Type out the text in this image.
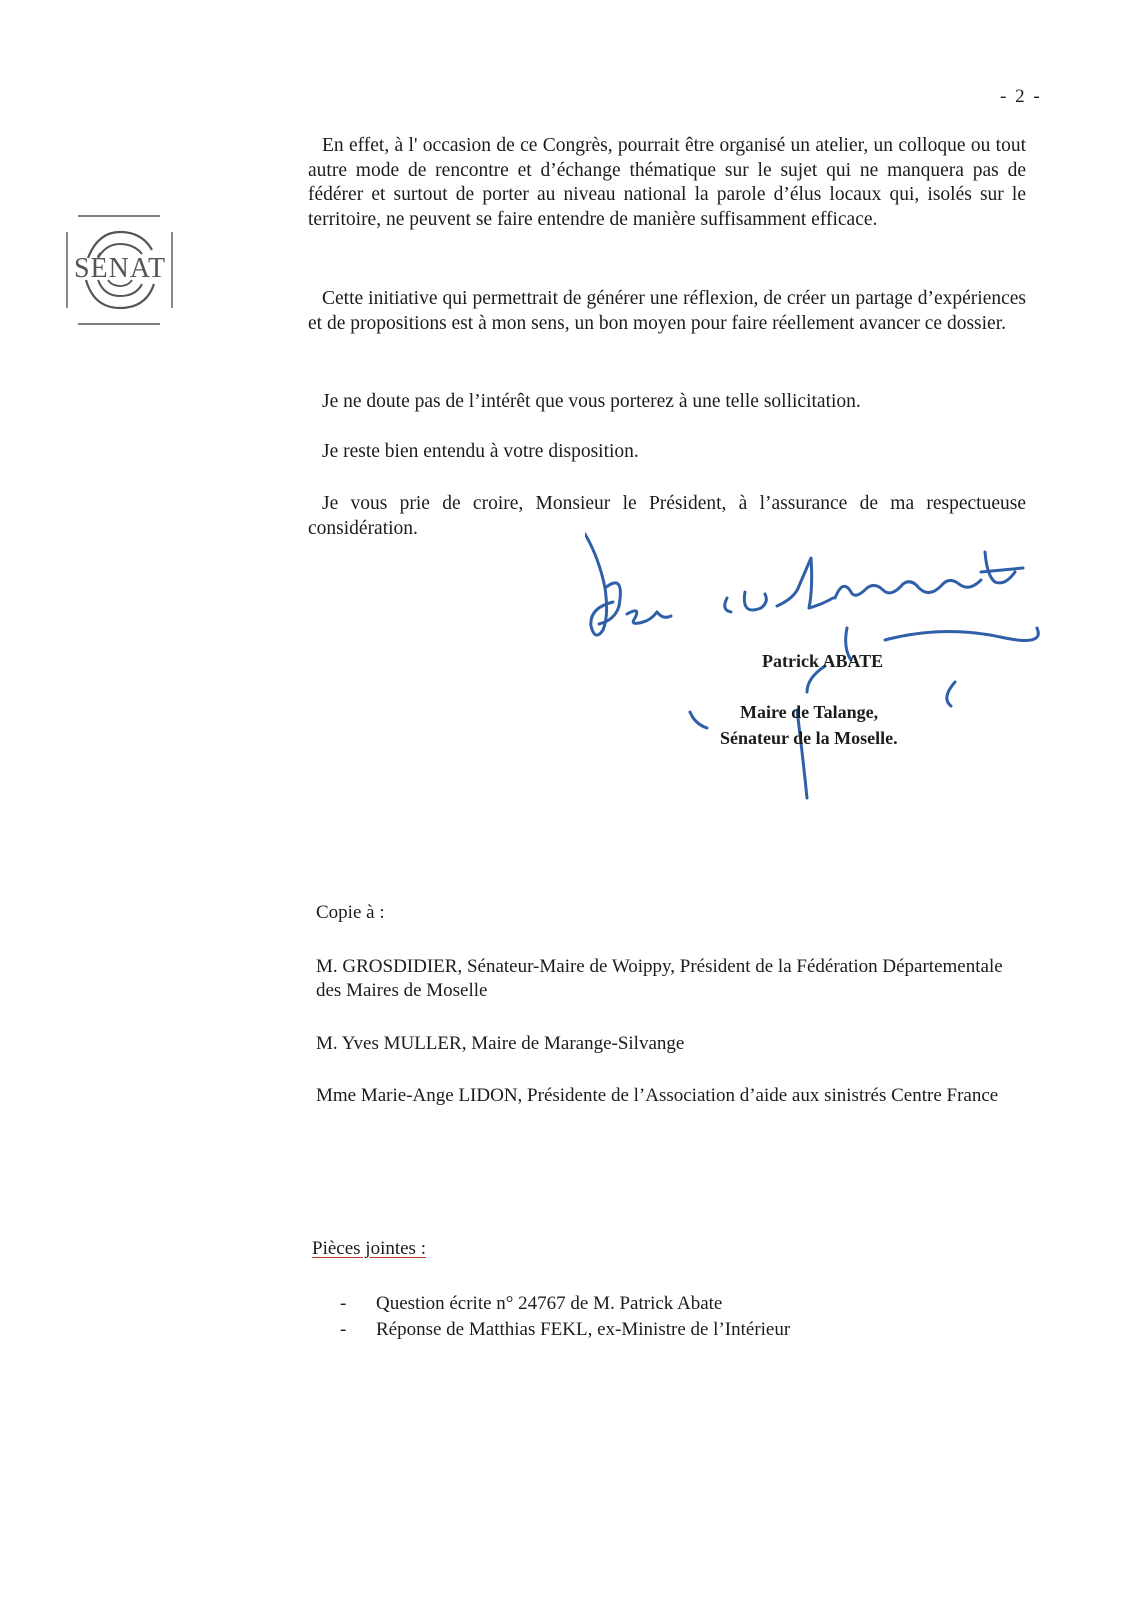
- 2 -
SÉNAT

En effet, à l' occasion de ce Congrès, pourrait être organisé un atelier, un colloque ou tout autre mode de rencontre et d’échange thématique sur le sujet qui ne manquera pas de fédérer et surtout de porter au niveau national la parole d’élus locaux qui, isolés sur le territoire, ne peuvent se faire entendre de manière suffisamment efficace.

Cette initiative qui permettrait de générer une réflexion, de créer un partage d’expériences et de propositions est à mon sens, un bon moyen pour faire réellement avancer ce dossier.

Je ne doute pas de l’intérêt que vous porterez à une telle sollicitation.

Je reste bien entendu à votre disposition.

Je vous prie de croire, Monsieur le Président, à l’assurance de ma respectueuse considération.

Patrick ABATE
Maire de Talange,
Sénateur de la Moselle.
Copie à :

M. GROSDIDIER, Sénateur-Maire de Woippy, Président de la Fédération Départementale des Maires de Moselle

M. Yves MULLER, Maire de Marange-Silvange

Mme Marie-Ange LIDON, Présidente de l’Association d’aide aux sinistrés Centre France

Pièces jointes :
- Question écrite n° 24767 de M. Patrick Abate
- Réponse de Matthias FEKL, ex-Ministre de l’Intérieur
